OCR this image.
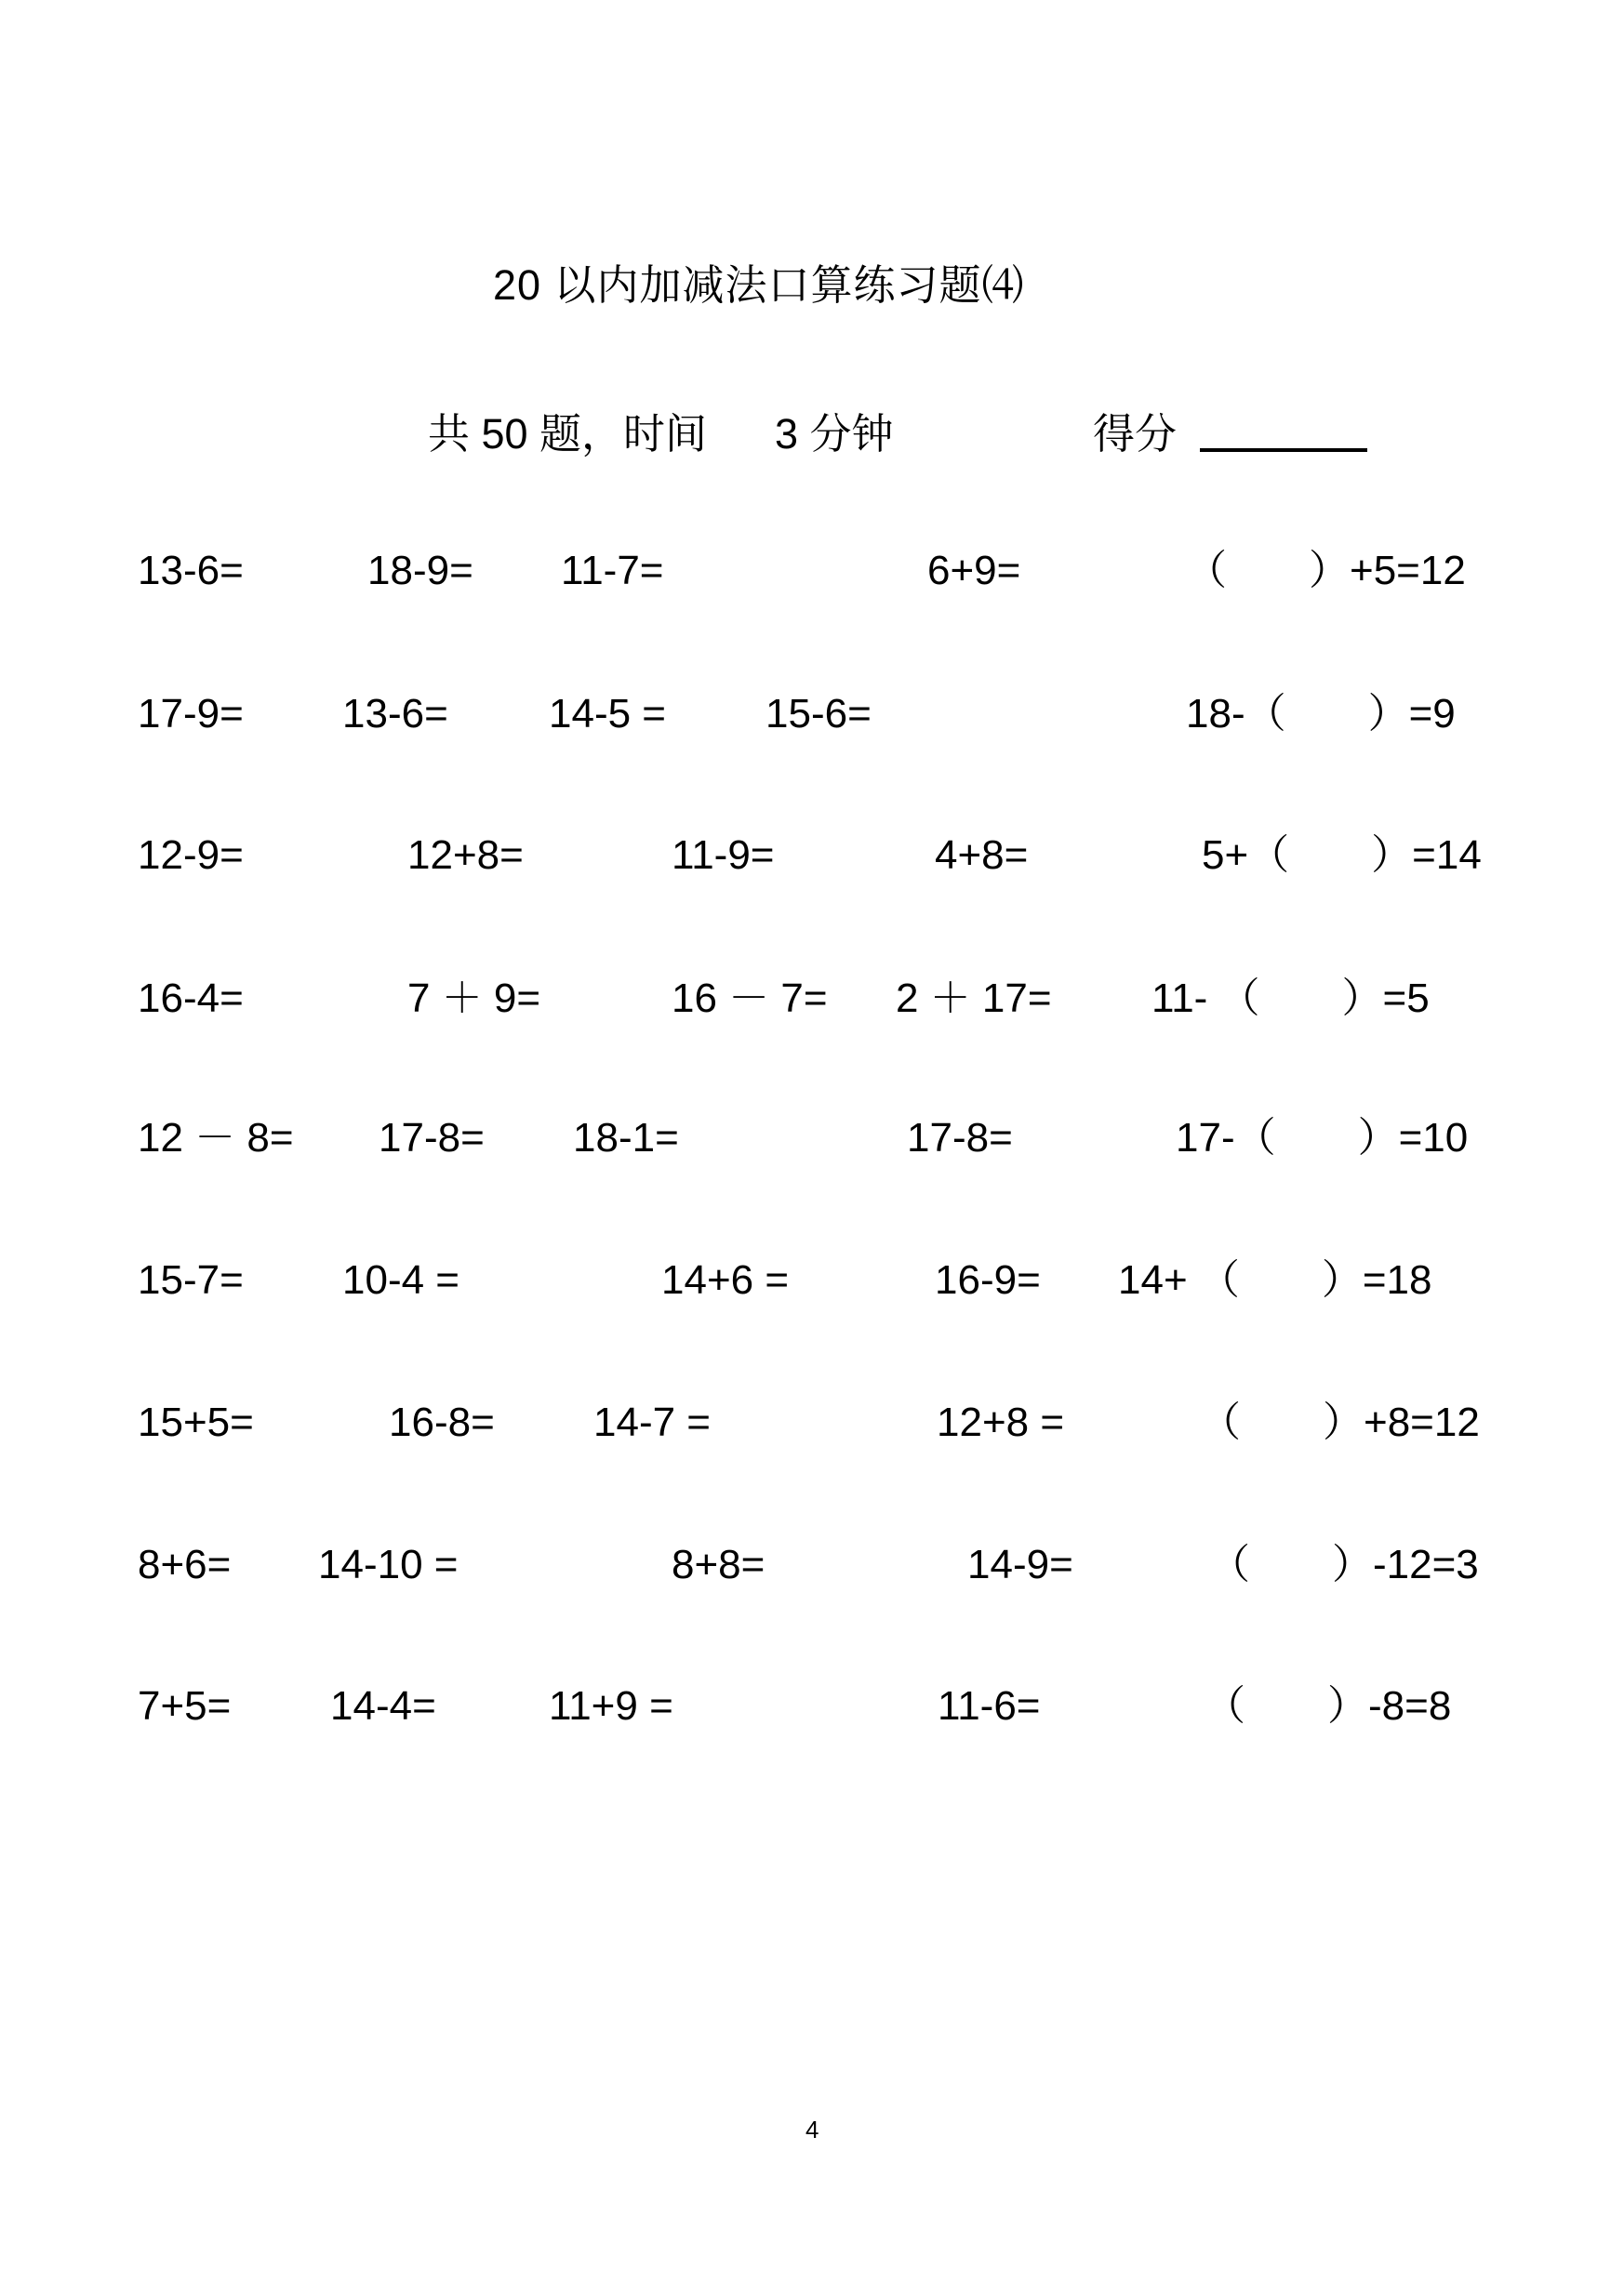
20 以内加减法口算练习题⑷
共 50 题，时间 3 分钟	得分
13-6=	18-9= 11-7=	6+9=	（　　）+5=12
17-9= 13-6= 14-5 = 15-6=	18-（　　）=9
12-9=	12+8=	11-9=	4+8=	5+（　　）=14
16-4=	7 ＋ 9=	16 － 7= 2 ＋ 17= 11- （　　）=5
12 － 8= 17-8= 18-1=	17-8=	17-（　　）=10
15-7= 10-4 =	14+6 =	16-9= 14+ （　　）=18
15+5=	16-8= 14-7 =	12+8 =	（　　）+8=12
8+6= 14-10 =	8+8=	14-9=	（　　）-12=3
7+5= 14-4=	11+9 =	11-6=	（　　）-8=8
4
